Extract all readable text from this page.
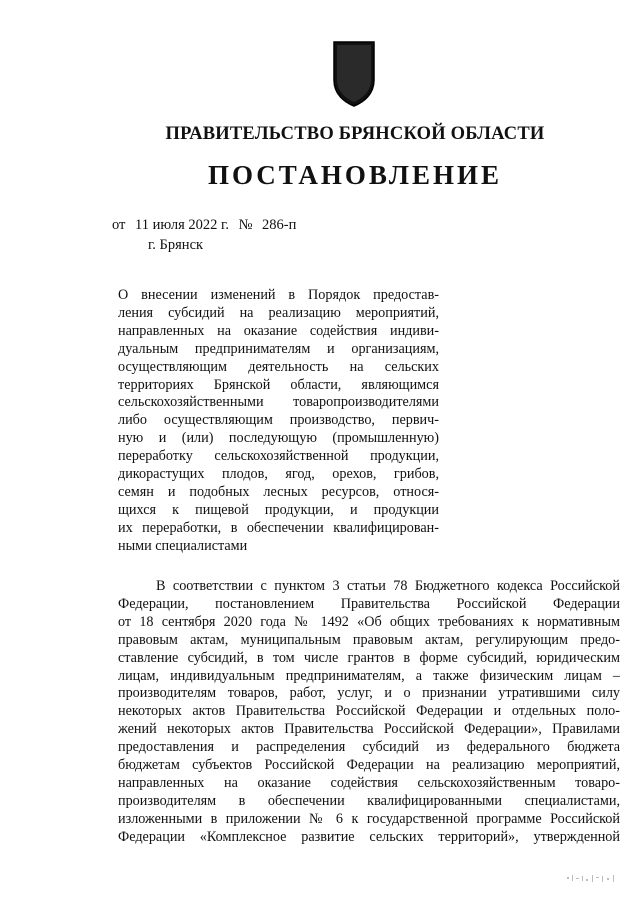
ПРАВИТЕЛЬСТВО БРЯНСКОЙ ОБЛАСТИ
ПОСТАНОВЛЕНИЕ
от 11 июля 2022 г. № 286-п
г. Брянск
О внесении изменений в Порядок предостав-
ления субсидий на реализацию мероприятий,
направленных на оказание содействия индиви-
дуальным предпринимателям и организациям,
осуществляющим деятельность на сельских
территориях Брянской области, являющимся
сельскохозяйственными товаропроизводителями
либо осуществляющим производство, первич-
ную и (или) последующую (промышленную)
переработку сельскохозяйственной продукции,
дикорастущих плодов, ягод, орехов, грибов,
семян и подобных лесных ресурсов, относя-
щихся к пищевой продукции, и продукции
их переработки, в обеспечении квалифицирован-
ными специалистами
В соответствии с пунктом 3 статьи 78 Бюджетного кодекса Российской
Федерации, постановлением Правительства Российской Федерации
от 18 сентября 2020 года № 1492 «Об общих требованиях к нормативным
правовым актам, муниципальным правовым актам, регулирующим предо-
ставление субсидий, в том числе грантов в форме субсидий, юридическим
лицам, индивидуальным предпринимателям, а также физическим лицам –
производителям товаров, работ, услуг, и о признании утратившими силу
некоторых актов Правительства Российской Федерации и отдельных поло-
жений некоторых актов Правительства Российской Федерации», Правилами
предоставления и распределения субсидий из федерального бюджета
бюджетам субъектов Российской Федерации на реализацию мероприятий,
направленных на оказание содействия сельскохозяйственным товаро-
производителям в обеспечении квалифицированными специалистами,
изложенными в приложении № 6 к государственной программе Российской
Федерации «Комплексное развитие сельских территорий», утвержденной
